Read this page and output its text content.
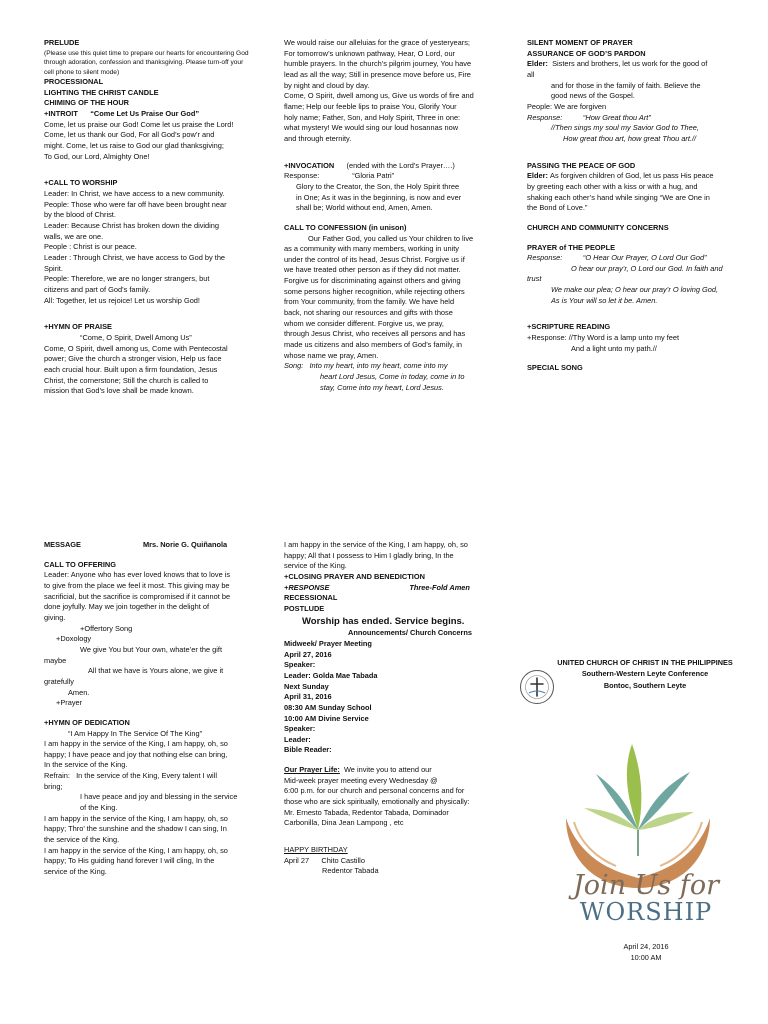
PRELUDE

(Please use this quiet time to prepare our hearts for encountering God

through adoration, confession and thanksgiving. Please turn-off your

cell phone to silent mode)

PROCESSIONAL

LIGHTING THE CHRIST CANDLE

CHIMING OF THE HOUR

+INTROIT “Come Let Us Praise Our God”

Come, let us praise our God! Come let us praise the Lord!

Come, let us thank our God, For all God’s pow’r and

might. Come, let us raise to God our glad thanksgiving;

To God, our Lord, Almighty One!

+CALL TO WORSHIP

Leader: In Christ, we have access to a new community.

People: Those who were far off have been brought near

by the blood of Christ.

Leader: Because Christ has broken down the dividing

walls, we are one.

People : Christ is our peace.

Leader : Through Christ, we have access to God by the

Spirit.

People: Therefore, we are no longer strangers, but

citizens and part of God’s family.

All: Together, let us rejoice! Let us worship God!

+HYMN OF PRAISE

“Come, O Spirit, Dwell Among Us”

Come, O Spirit, dwell among us, Come with Pentecostal

power; Give the church a stronger vision, Help us face

each crucial hour. Built upon a firm foundation, Jesus

Christ, the cornerstone; Still the church is called to

mission that God’s love shall be made known.

We would raise our alleluias for the grace of yesteryears;

For tomorrow’s unknown pathway, Hear, O Lord, our

humble prayers. In the church’s pilgrim journey, You have

lead as all the way; Still in presence move before us, Fire

by night and cloud by day.

Come, O Spirit, dwell among us, Give us words of fire and

flame; Help our feeble lips to praise You, Glorify Your

holy name; Father, Son, and Holy Spirit, Three in one:

what mystery! We would sing our loud hosannas now

and through eternity.

+INVOCATION (ended with the Lord’s Prayer….)

Response:	“Gloria Patri”

Glory to the Creator, the Son, the Holy Spirit three

in One; As it was in the beginning, is now and ever

shall be; World without end, Amen, Amen.

CALL TO CONFESSION (in unison)

Our Father God, you called us Your children to live

as a community with many members, working in unity

under the control of its head, Jesus Christ. Forgive us if

we have treated other person as if they did not matter.

Forgive us for discriminating against others and giving

some persons higher recognition, while rejecting others

from Your community, from the family. We have held

back, not sharing our resources and gifts with those

whom we consider different. Forgive us, we pray,

through Jesus Christ, who receives all persons and has

made us citizens and also members of God’s family, in

whose name we pray, Amen.

Song: Into my heart, into my heart, come into my

heart Lord Jesus, Come in today, come in to

stay, Come into my heart, Lord Jesus.

SILENT MOMENT OF PRAYER

ASSURANCE OF GOD’S PARDON

Elder: Sisters and brothers, let us work for the good of

all

and for those in the family of faith. Believe the

good news of the Gospel.

People: We are forgiven

Response:	“How Great thou Art”

//Then sings my soul my Savior God to Thee,

How great thou art, how great Thou art.//

PASSING THE PEACE OF GOD

Elder: As forgiven children of God, let us pass His peace

by greeting each other with a kiss or with a hug, and

shaking each other’s hand while singing “We are One in

the Bond of Love.”

CHURCH AND COMMUNITY CONCERNS

PRAYER of THE PEOPLE

Response:	“O Hear Our Prayer, O Lord Our God”

O hear our pray’r, O Lord our God. In faith and

trust

We make our plea; O hear our pray’r O loving God,

As is Your will so let it be. Amen.

+SCRIPTURE READING

+Response: //Thy Word is a lamp unto my feet

And a light unto my path.//

SPECIAL SONG

MESSAGE	Mrs. Norie G. Quiñanola

CALL TO OFFERING

Leader: Anyone who has ever loved knows that to love is

to give from the place we feel it most. This giving may be

sacrificial, but the sacrifice is compromised if it cannot be

done joyfully. May we join together in the delight of

giving.

+Offertory Song

+Doxology

We give You but Your own, whate’er the gift

maybe

All that we have is Yours alone, we give it

gratefully

Amen.

+Prayer

+HYMN OF DEDICATION

“I Am Happy In The Service Of The King”

I am happy in the service of the King, I am happy, oh, so

happy; I have peace and joy that nothing else can bring,

In the service of the King.

Refrain: In the service of the King, Every talent I will

bring;

I have peace and joy and blessing in the service

of the King.

I am happy in the service of the King, I am happy, oh, so

happy; Thro’ the sunshine and the shadow I can sing, In

the service of the King.

I am happy in the service of the King, I am happy, oh, so

happy; To His guiding hand forever I will cling, In the

service of the King.

I am happy in the service of the King, I am happy, oh, so

happy; All that I possess to Him I gladly bring, In the

service of the King.

+CLOSING PRAYER AND BENEDICTION

+RESPONSE	Three-Fold Amen

RECESSIONAL

POSTLUDE

Worship has ended. Service begins.

Announcements/ Church Concerns

Midweek/ Prayer Meeting

April 27, 2016

Speaker:

Leader: Golda Mae Tabada

Next Sunday

April 31, 2016

08:30 AM Sunday School

10:00 AM Divine Service

Speaker:

Leader:

Bible Reader:

Our Prayer Life: We invite you to attend our

Mid-week prayer meeting every Wednesday @

6:00 p.m. for our church and personal concerns and for

those who are sick spiritually, emotionally and physically:

Mr. Ernesto Tabada, Redentor Tabada, Dominador

Carbonilla, Dina Jean Lampong , etc

HAPPY BIRTHDAY

April 27 Chito Castillo

Redentor Tabada

UNITED CHURCH OF CHRIST IN THE PHILIPPINES

Southern-Western Leyte Conference

Bontoc, Southern Leyte

Join Us for
WORSHIP

April 24, 2016

10:00 AM
